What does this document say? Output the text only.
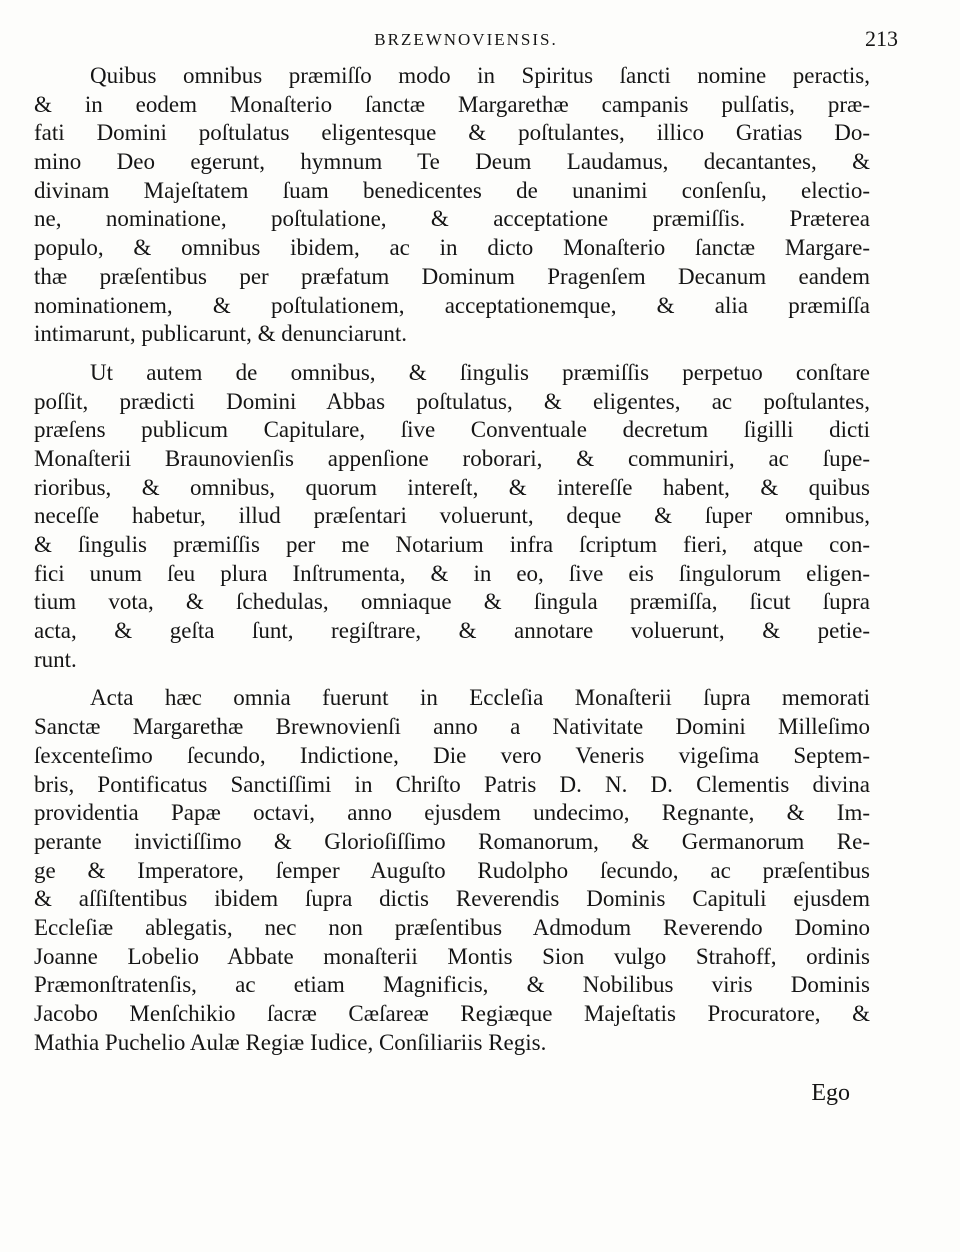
BRZEWNOVIENSIS.	213
Quibus omnibus præmiſſo modo in Spiritus ſancti nomine peractis,
& in eodem Monaſterio ſanctæ Margarethæ campanis pulſatis, præ-
fati Domini poſtulatus eligentesque & poſtulantes, illico Gratias Do-
mino Deo egerunt, hymnum Te Deum Laudamus, decantantes, &
divinam Majeſtatem ſuam benedicentes de unanimi conſenſu, electio-
ne, nominatione, poſtulatione, & acceptatione præmiſſis. Præterea
populo, & omnibus ibidem, ac in dicto Monaſterio ſanctæ Margare-
thæ præſentibus per præfatum Dominum Pragenſem Decanum eandem
nominationem, & poſtulationem, acceptationemque, & alia præmiſſa
intimarunt, publicarunt, & denunciarunt.
Ut autem de omnibus, & ſingulis præmiſſis perpetuo conſtare
poſſit, prædicti Domini Abbas poſtulatus, & eligentes, ac poſtulantes,
præſens publicum Capitulare, ſive Conventuale decretum ſigilli dicti
Monaſterii Braunovienſis appenſione roborari, & communiri, ac ſupe-
rioribus, & omnibus, quorum intereſt, & intereſſe habent, & quibus
neceſſe habetur, illud præſentari voluerunt, deque & ſuper omnibus,
& ſingulis præmiſſis per me Notarium infra ſcriptum fieri, atque con-
fici unum ſeu plura Inſtrumenta, & in eo, ſive eis ſingulorum eligen-
tium vota, & ſchedulas, omniaque & ſingula præmiſſa, ſicut ſupra
acta, & geſta ſunt, regiſtrare, & annotare voluerunt, & petie-
runt.
Acta hæc omnia fuerunt in Eccleſia Monaſterii ſupra memorati
Sanctæ Margarethæ Brewnovienſi anno a Nativitate Domini Milleſimo
ſexcenteſimo ſecundo, Indictione, Die vero Veneris vigeſima Septem-
bris, Pontificatus Sanctiſſimi in Chriſto Patris D. N. D. Clementis divina
providentia Papæ octavi, anno ejusdem undecimo, Regnante, & Im-
perante invictiſſimo & Glorioſiſſimo Romanorum, & Germanorum Re-
ge & Imperatore, ſemper Auguſto Rudolpho ſecundo, ac præſentibus
& aſſiſtentibus ibidem ſupra dictis Reverendis Dominis Capituli ejusdem
Eccleſiæ ablegatis, nec non præſentibus Admodum Reverendo Domino
Joanne Lobelio Abbate monaſterii Montis Sion vulgo Strahoff, ordinis
Præmonſtratenſis, ac etiam Magnificis, & Nobilibus viris Dominis
Jacobo Menſchikio ſacræ Cæſareæ Regiæque Majeſtatis Procuratore, &
Mathia Puchelio Aulæ Regiæ Iudice, Conſiliariis Regis.
Ego
